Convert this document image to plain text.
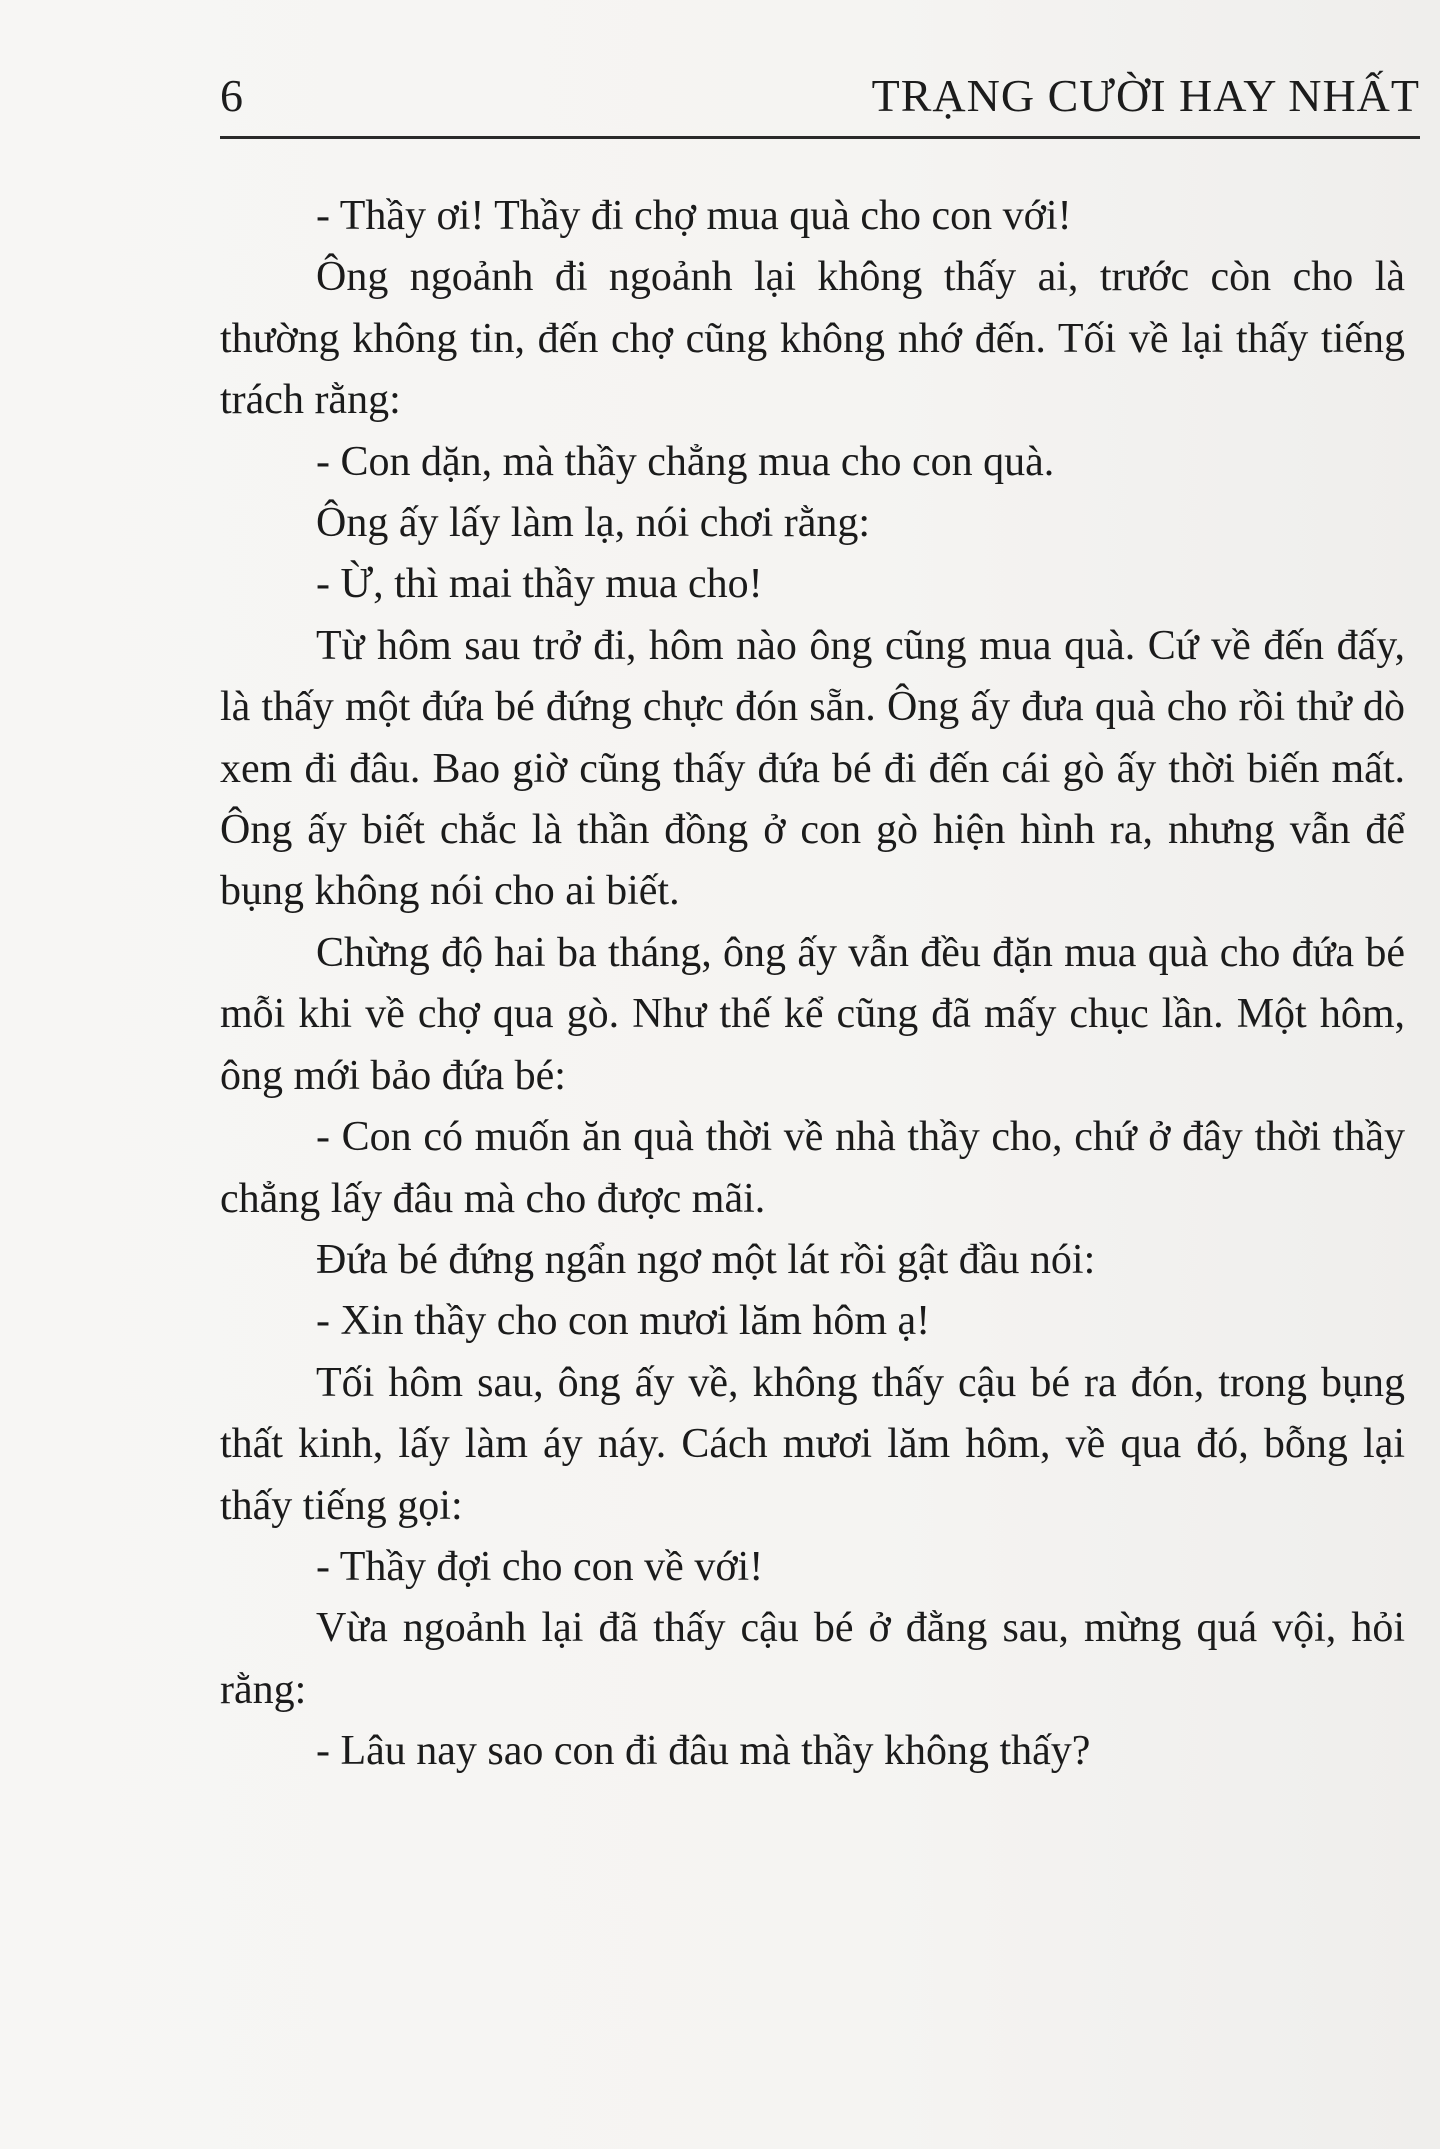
6	TRẠNG CƯỜI HAY NHẤT

- Thầy ơi! Thầy đi chợ mua quà cho con với!

Ông ngoảnh đi ngoảnh lại không thấy ai, trước còn cho là thường không tin, đến chợ cũng không nhớ đến. Tối về lại thấy tiếng trách rằng:

- Con dặn, mà thầy chẳng mua cho con quà.

Ông ấy lấy làm lạ, nói chơi rằng:

- Ừ, thì mai thầy mua cho!

Từ hôm sau trở đi, hôm nào ông cũng mua quà. Cứ về đến đấy, là thấy một đứa bé đứng chực đón sẵn. Ông ấy đưa quà cho rồi thử dò xem đi đâu. Bao giờ cũng thấy đứa bé đi đến cái gò ấy thời biến mất. Ông ấy biết chắc là thần đồng ở con gò hiện hình ra, nhưng vẫn để bụng không nói cho ai biết.

Chừng độ hai ba tháng, ông ấy vẫn đều đặn mua quà cho đứa bé mỗi khi về chợ qua gò. Như thế kể cũng đã mấy chục lần. Một hôm, ông mới bảo đứa bé:

- Con có muốn ăn quà thời về nhà thầy cho, chứ ở đây thời thầy chẳng lấy đâu mà cho được mãi.

Đứa bé đứng ngẩn ngơ một lát rồi gật đầu nói:

- Xin thầy cho con mươi lăm hôm ạ!

Tối hôm sau, ông ấy về, không thấy cậu bé ra đón, trong bụng thất kinh, lấy làm áy náy. Cách mươi lăm hôm, về qua đó, bỗng lại thấy tiếng gọi:

- Thầy đợi cho con về với!

Vừa ngoảnh lại đã thấy cậu bé ở đằng sau, mừng quá vội, hỏi rằng:

- Lâu nay sao con đi đâu mà thầy không thấy?
